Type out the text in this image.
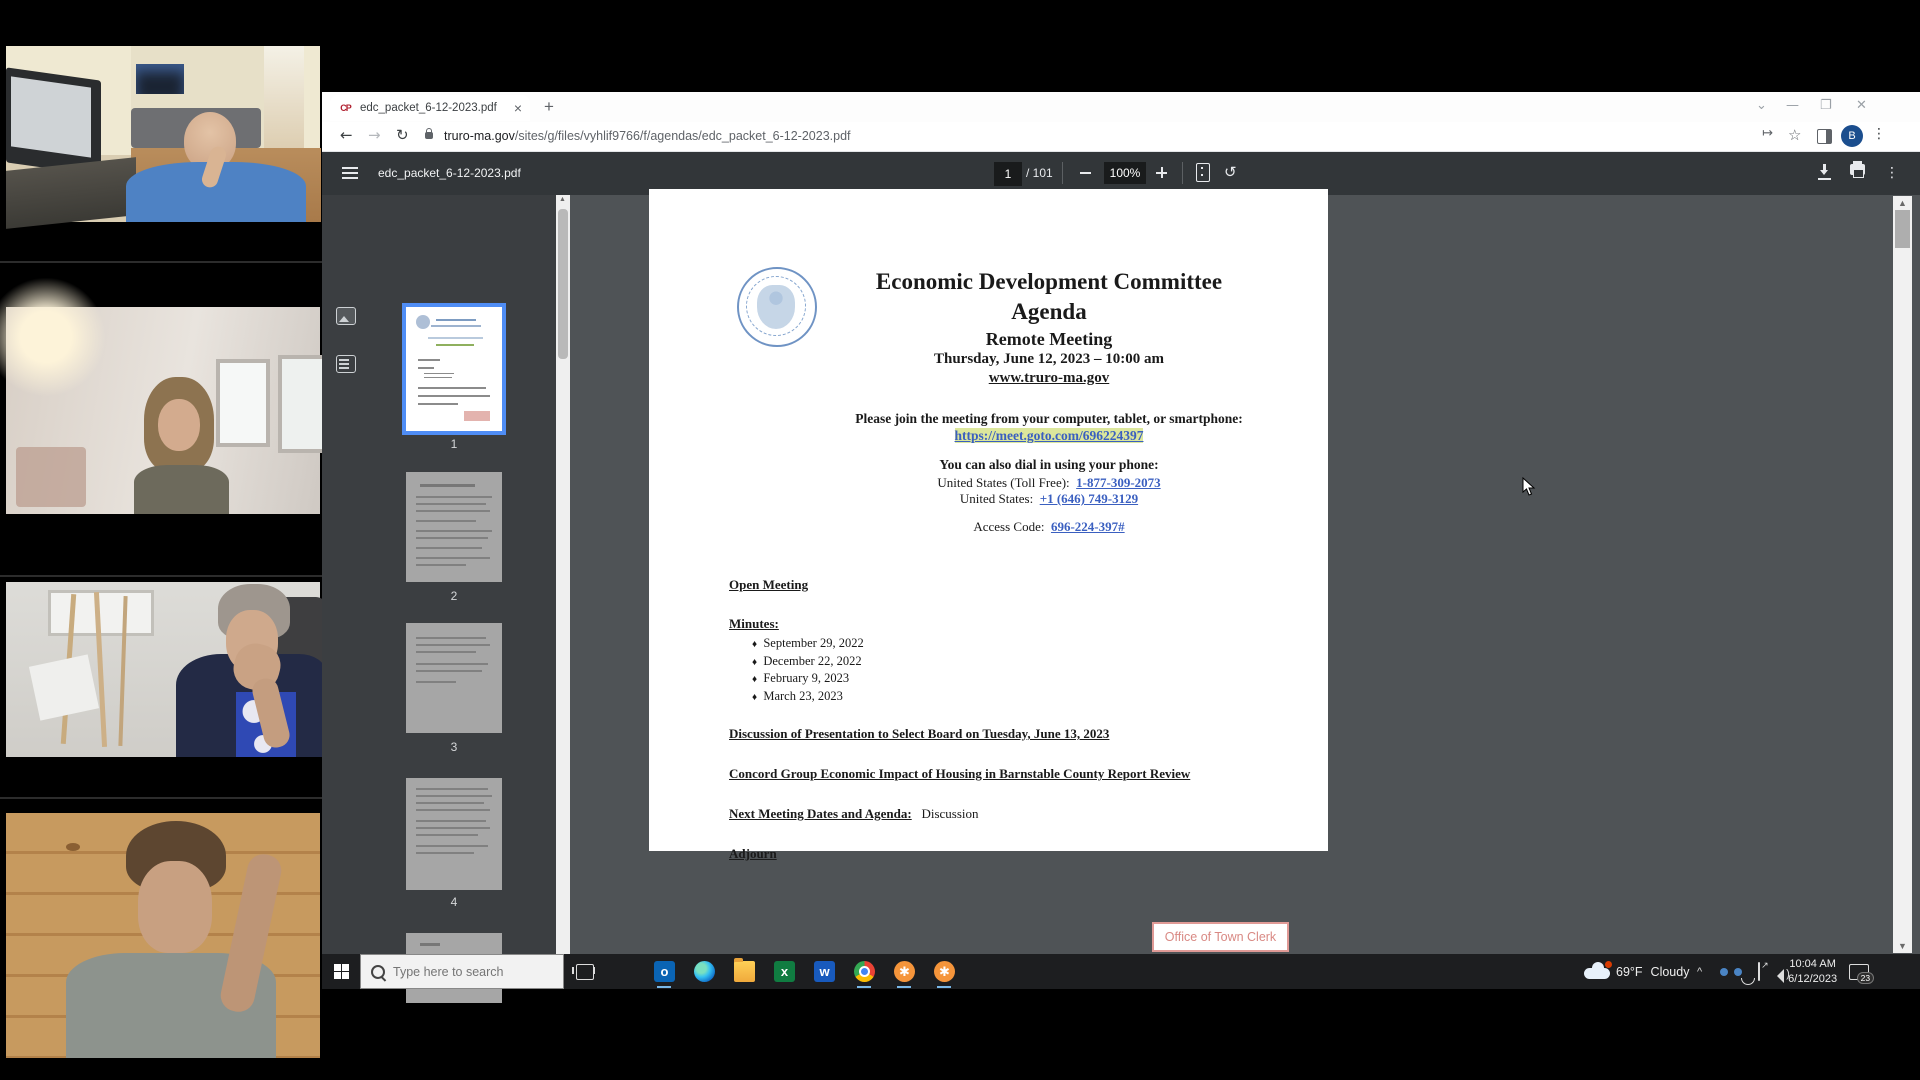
CP edc_packet_6-12-2023.pdf	× +	⌄ — ❐ ✕
← → ↻	truro-ma.gov/sites/g/files/vyhlif9766/f/agendas/edc_packet_6-12-2023.pdf	↦ ☆	B	⋮
edc_packet_6-12-2023.pdf
1	/ 101	100%	↺	⋮
1
2
3
4
▲
Economic Development Committee
Agenda
Remote Meeting
Thursday, June 12, 2023 – 10:00 am
www.truro-ma.gov
Please join the meeting from your computer, tablet, or smartphone:
https://meet.goto.com/696224397
You can also dial in using your phone:
United States (Toll Free): 1-877-309-2073
United States: +1 (646) 749-3129
Access Code: 696-224-397#
Open Meeting
Minutes:
♦ September 29, 2022
♦ December 22, 2022
♦ February 9, 2023
♦ March 23, 2023
Discussion of Presentation to Select Board on Tuesday, June 13, 2023
Concord Group Economic Impact of Housing in Barnstable County Report Review
Next Meeting Dates and Agenda: Discussion
Adjourn
Office of Town Clerk
▲
▼
Type here to search
o	x	w	✱	✱	69°F Cloudy ^
↗
10:04 AM
6/12/2023	23
